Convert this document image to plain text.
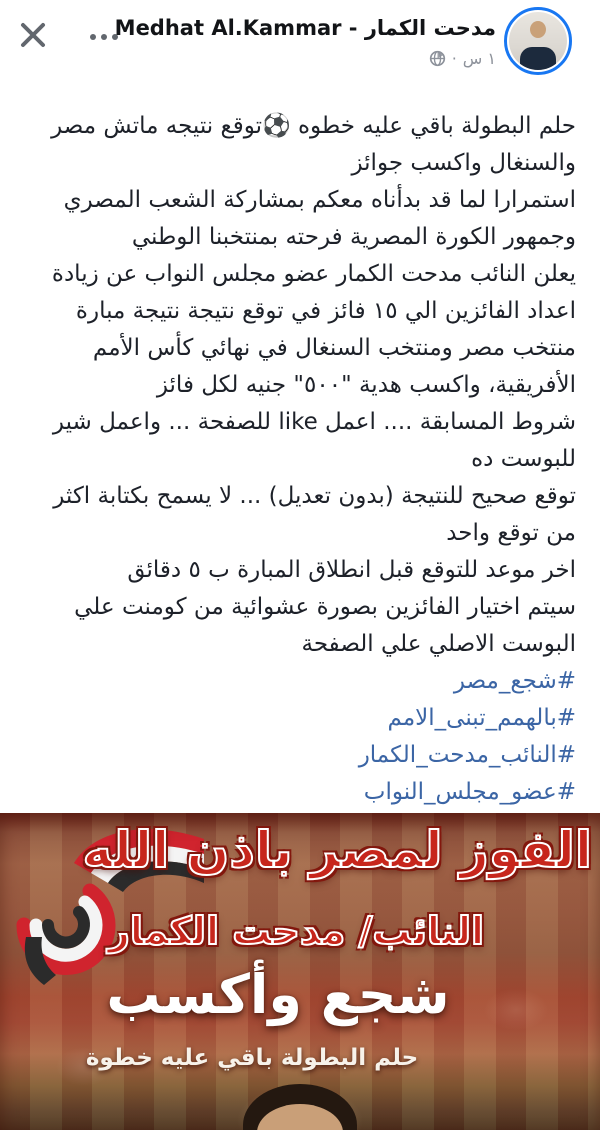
Medhat Al.Kammar - مدحت الكمار
١ س
·

حلم البطولة باقي عليه خطوه ⚽توقع نتيجه ماتش مصر والسنغال واكسب جوائز

استمرارا لما قد بدأناه معكم بمشاركة الشعب المصري وجمهور الكورة المصرية فرحته بمنتخبنا الوطني

يعلن النائب مدحت الكمار عضو مجلس النواب عن زيادة اعداد الفائزين الي ١٥ فائز في توقع نتيجة نتيجة مبارة منتخب مصر ومنتخب السنغال في نهائي كأس الأمم الأفريقية، واكسب هدية "٥٠٠" جنيه لكل فائز

شروط المسابقة .... اعمل like للصفحة ... واعمل شير للبوست ده

توقع صحيح للنتيجة (بدون تعديل) ... لا يسمح بكتابة اكثر من توقع واحد

اخر موعد للتوقع قبل انطلاق المبارة ب ٥ دقائق

سيتم اختيار الفائزين بصورة عشوائية من كومنت علي البوست الاصلي علي الصفحة

#شجع_مصر
#بالهمم_تبنى_الامم
#النائب_مدحت_الكمار
#عضو_مجلس_النواب
الفوز لمصر باذن الله
النائب/ مدحت الكمار
شجع وأكسب
حلم البطولة باقي عليه خطوة
